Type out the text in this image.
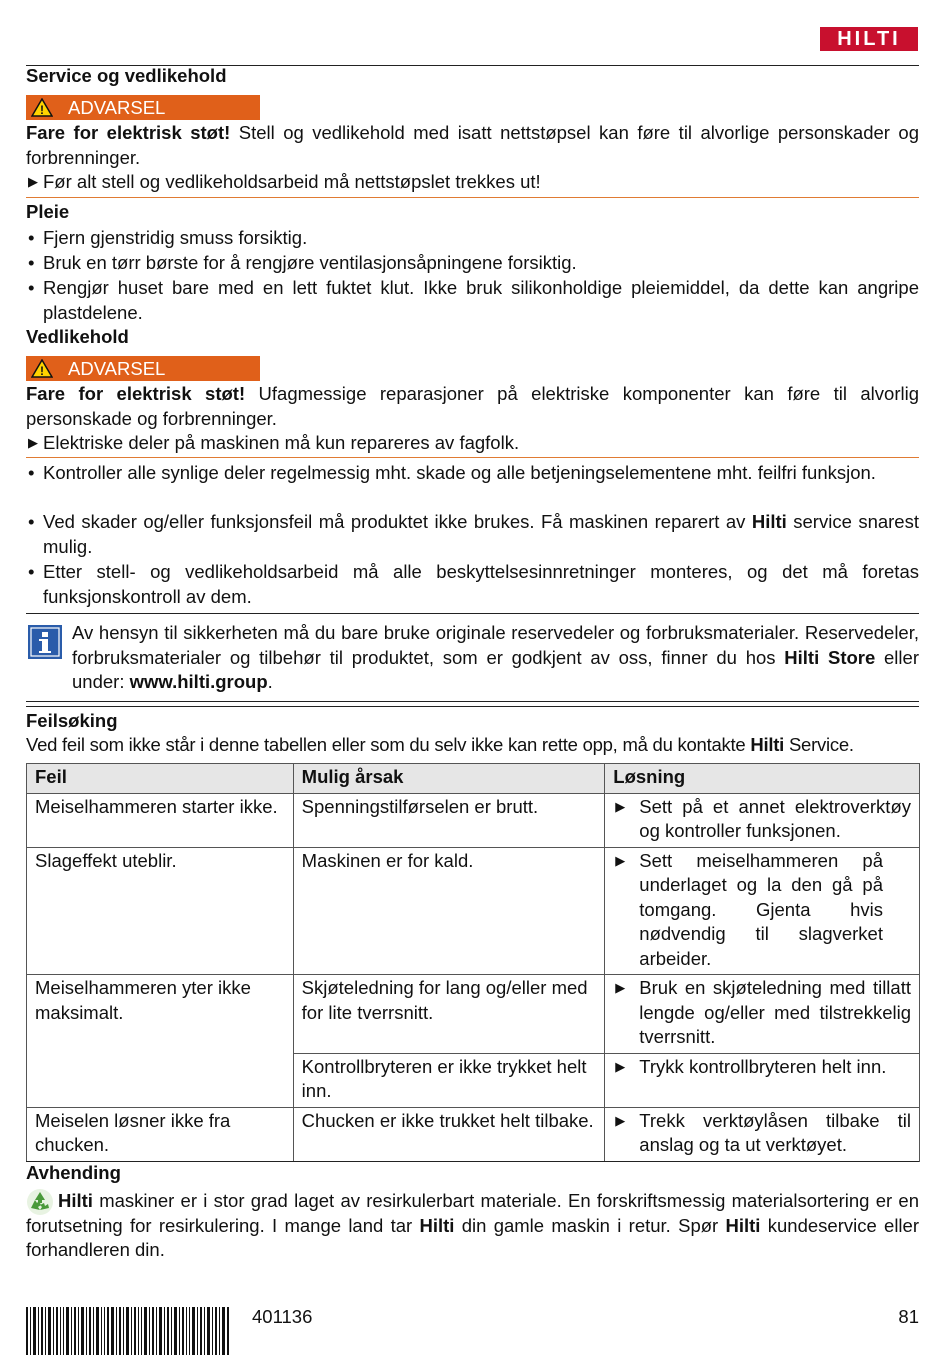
HILTI
Service og vedlikehold
! ADVARSEL
Fare for elektrisk støt! Stell og vedlikehold med isatt nettstøpsel kan føre til alvorlige personskader og forbrenninger.
▶ Før alt stell og vedlikeholdsarbeid må nettstøpslet trekkes ut!
Pleie
• Fjern gjenstridig smuss forsiktig.
• Bruk en tørr børste for å rengjøre ventilasjonsåpningene forsiktig.
• Rengjør huset bare med en lett fuktet klut. Ikke bruk silikonholdige pleiemiddel, da dette kan angripe plastdelene.
Vedlikehold
! ADVARSEL
Fare for elektrisk støt! Ufagmessige reparasjoner på elektriske komponenter kan føre til alvorlig personskade og forbrenninger.
▶ Elektriske deler på maskinen må kun repareres av fagfolk.
• Kontroller alle synlige deler regelmessig mht. skade og alle betjeningselementene mht. feilfri funksjon.
• Ved skader og/eller funksjonsfeil må produktet ikke brukes. Få maskinen reparert av Hilti service snarest mulig.
• Etter stell- og vedlikeholdsarbeid må alle beskyttelsesinnretninger monteres, og det må foretas funksjonskontroll av dem.
Av hensyn til sikkerheten må du bare bruke originale reservedeler og forbruksmaterialer. Reservedeler, forbruksmaterialer og tilbehør til produktet, som er godkjent av oss, finner du hos Hilti Store eller under: www.hilti.group.
Feilsøking
Ved feil som ikke står i denne tabellen eller som du selv ikke kan rette opp, må du kontakte Hilti Service.
Feil	Mulig årsak	Løsning
Meiselhammeren starter ikke.	Spenningstilførselen er brutt.	▶ Sett på et annet elektroverktøy og kontroller funksjonen.

Slageffekt uteblir.	Maskinen er for kald.	▶ Sett meiselhammeren på underlaget og la den gå på tomgang. Gjenta hvis nødvendig til slagverket arbeider.

Meiselhammeren yter ikke maksimalt.	Skjøteledning for lang og/eller med for lite tverrsnitt.	▶ Bruk en skjøteledning med tillatt lengde og/eller med tilstrekkelig tverrsnitt.

	Kontrollbryteren er ikke trykket helt inn.	▶ Trykk kontrollbryteren helt inn.

Meiselen løsner ikke fra chucken.	Chucken er ikke trukket helt tilbake.	▶ Trekk verktøylåsen tilbake til anslag og ta ut verktøyet.
Avhending
Hilti maskiner er i stor grad laget av resirkulerbart materiale. En forskriftsmessig materialsortering er en forutsetning for resirkulering. I mange land tar Hilti din gamle maskin i retur. Spør Hilti kundeservice eller forhandleren din.
401136	81
